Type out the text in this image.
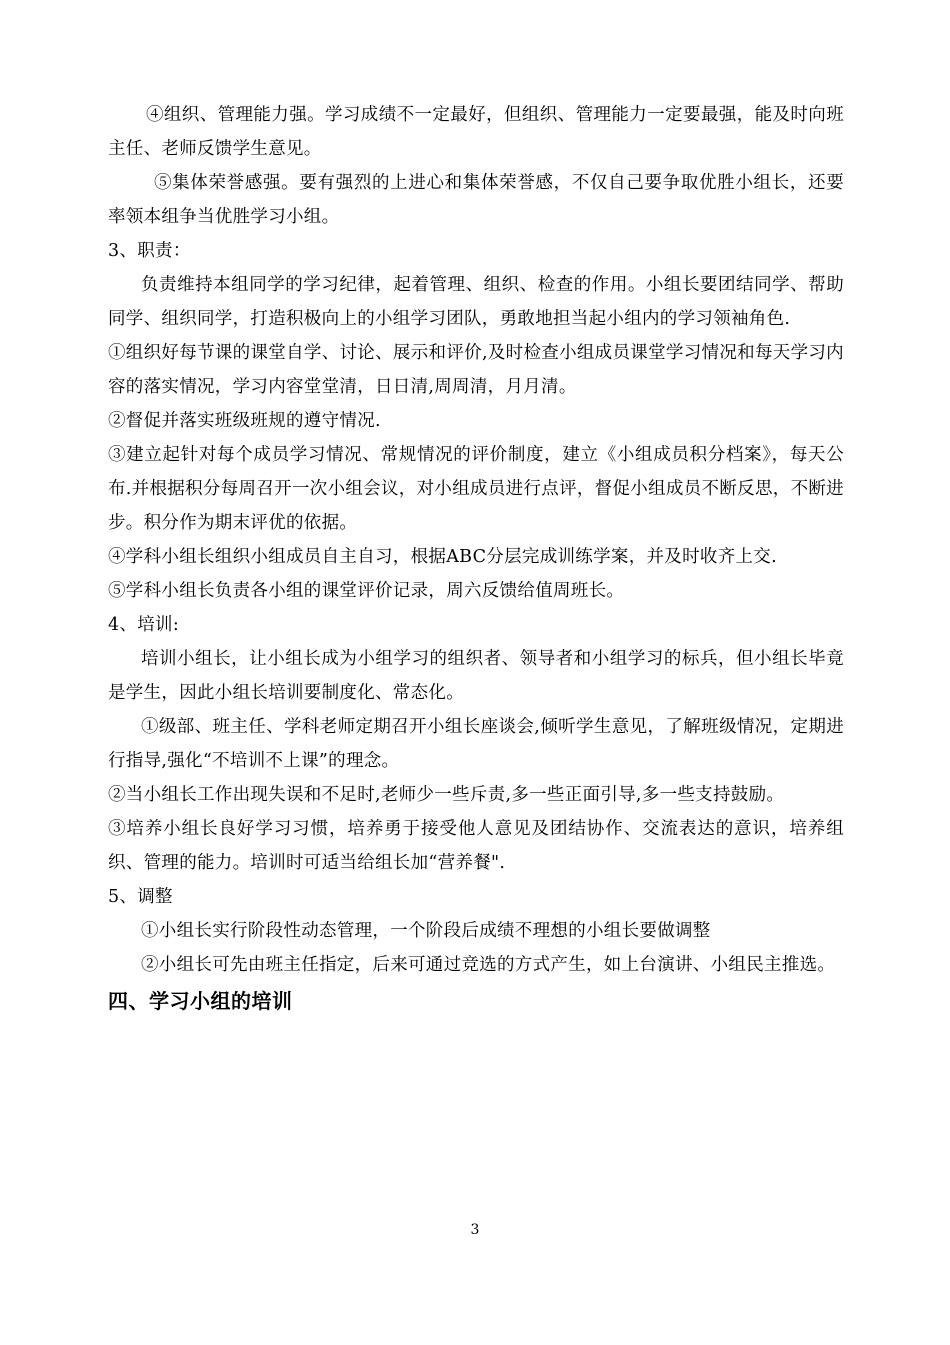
④组织、管理能力强。学习成绩不一定最好，但组织、管理能力一定要最强，能及时向班主任、老师反馈学生意见。

⑤集体荣誉感强。要有强烈的上进心和集体荣誉感，不仅自己要争取优胜小组长，还要率领本组争当优胜学习小组。

3、职责：

负责维持本组同学的学习纪律，起着管理、组织、检查的作用。小组长要团结同学、帮助同学、组织同学，打造积极向上的小组学习团队，勇敢地担当起小组内的学习领袖角色.

①组织好每节课的课堂自学、讨论、展示和评价,及时检查小组成员课堂学习情况和每天学习内容的落实情况，学习内容堂堂清，日日清,周周清，月月清。

②督促并落实班级班规的遵守情况.

③建立起针对每个成员学习情况、常规情况的评价制度，建立《小组成员积分档案》，每天公布.并根据积分每周召开一次小组会议，对小组成员进行点评，督促小组成员不断反思，不断进步。积分作为期末评优的依据。

④学科小组长组织小组成员自主自习，根据ABC分层完成训练学案，并及时收齐上交.

⑤学科小组长负责各小组的课堂评价记录，周六反馈给值周班长。

4、培训:

培训小组长，让小组长成为小组学习的组织者、领导者和小组学习的标兵，但小组长毕竟是学生，因此小组长培训要制度化、常态化。

①级部、班主任、学科老师定期召开小组长座谈会,倾听学生意见，了解班级情况，定期进行指导,强化“不培训不上课”的理念。

②当小组长工作出现失误和不足时,老师少一些斥责,多一些正面引导,多一些支持鼓励。

③培养小组长良好学习习惯，培养勇于接受他人意见及团结协作、交流表达的意识，培养组织、管理的能力。培训时可适当给组长加“营养餐".

5、调整

①小组长实行阶段性动态管理，一个阶段后成绩不理想的小组长要做调整

②小组长可先由班主任指定，后来可通过竞选的方式产生，如上台演讲、小组民主推选。

四、学习小组的培训
3
